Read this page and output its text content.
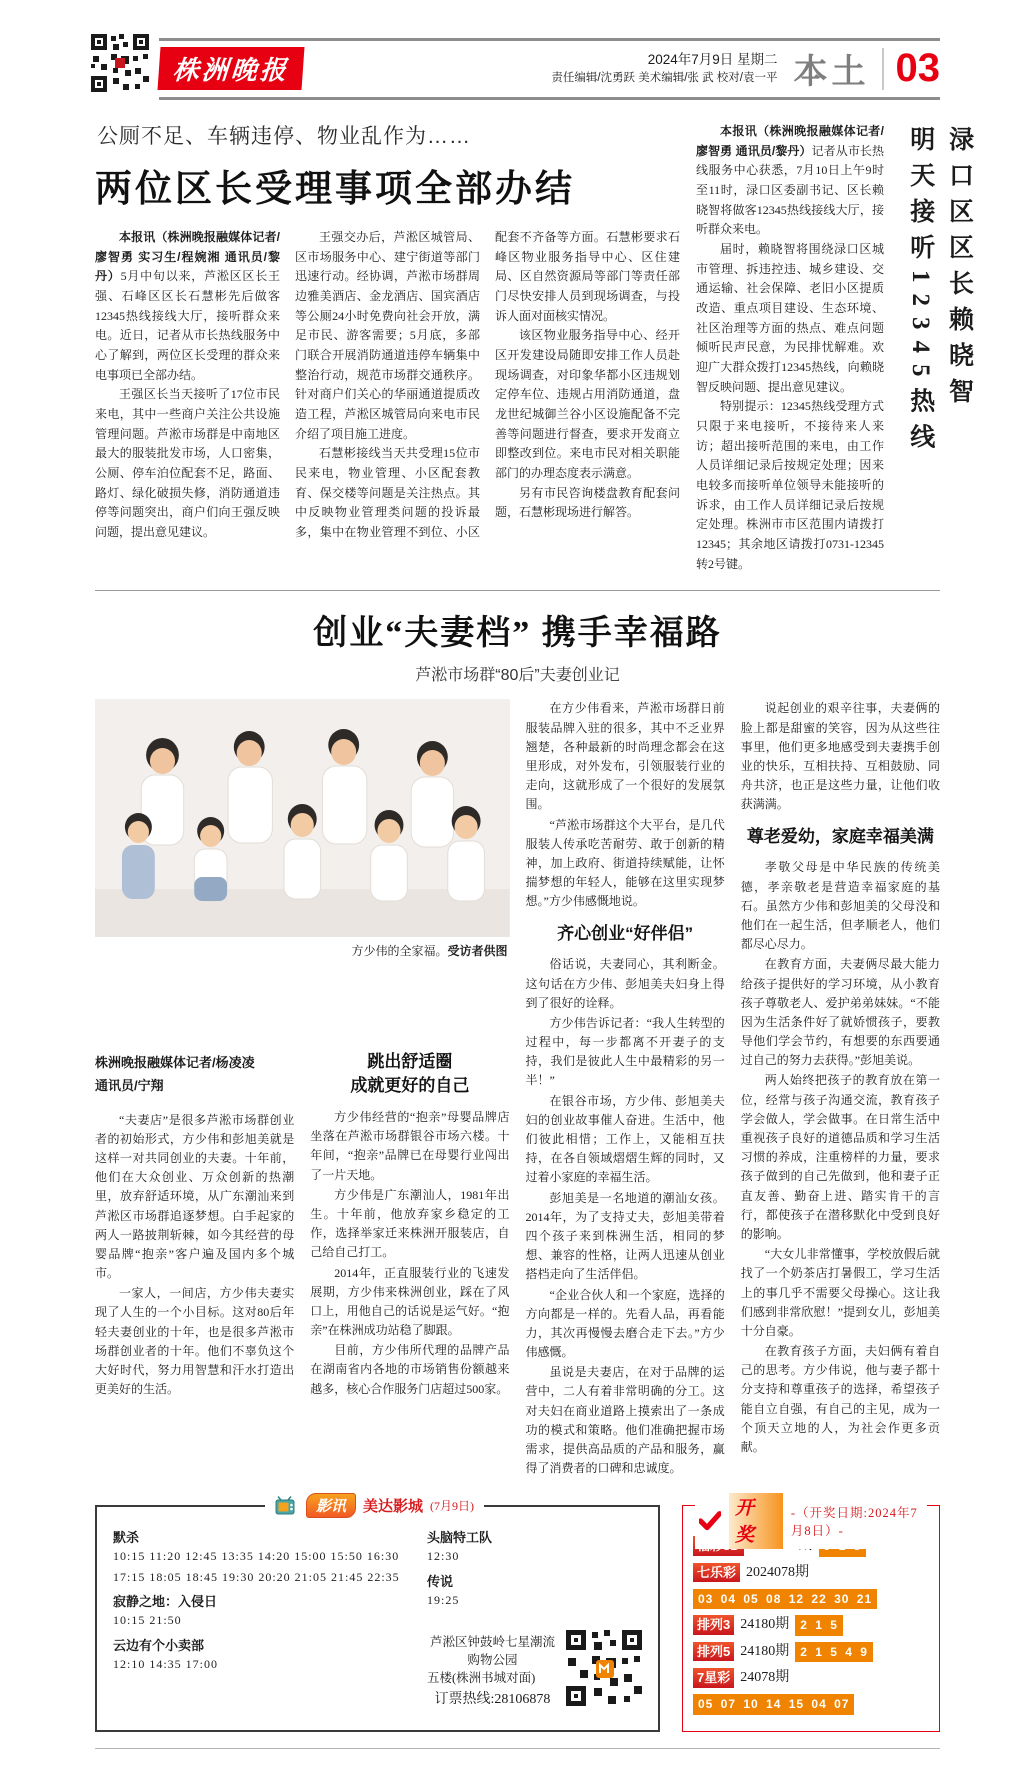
株洲晚报	2024年7月9日 星期二
责任编辑/沈勇跃 美术编辑/张 武 校对/袁一平 本土 03
公厕不足、车辆违停、物业乱作为……
两位区长受理事项全部办结

本报讯（株洲晚报融媒体记者/廖智勇 实习生/程婉湘 通讯员/黎丹）5月中旬以来，芦淞区区长王强、石峰区区长石慧彬先后做客12345热线接线大厅，接听群众来电。近日，记者从市长热线服务中心了解到，两位区长受理的群众来电事项已全部办结。

王强区长当天接听了17位市民来电，其中一些商户关注公共设施管理问题。芦淞市场群是中南地区最大的服装批发市场，人口密集，公厕、停车泊位配套不足，路面、路灯、绿化破损失修，消防通道违停等问题突出，商户们向王强反映问题，提出意见建议。

王强交办后，芦淞区城管局、区市场服务中心、建宁街道等部门迅速行动。经协调，芦淞市场群周边雅美酒店、金龙酒店、国宾酒店等公厕24小时免费向社会开放，满足市民、游客需要；5月底，多部门联合开展消防通道违停车辆集中整治行动，规范市场群交通秩序。针对商户们关心的华丽通道提质改造工程，芦淞区城管局向来电市民介绍了项目施工进度。

石慧彬接线当天共受理15位市民来电，物业管理、小区配套教育、保交楼等问题是关注热点。其中反映物业管理类问题的投诉最多，集中在物业管理不到位、小区配套不齐备等方面。石慧彬要求石峰区物业服务指导中心、区住建局、区自然资源局等部门等责任部门尽快安排人员到现场调查，与投诉人面对面核实情况。

该区物业服务指导中心、经开区开发建设局随即安排工作人员赴现场调查，对印象华都小区违规划定停车位、违规占用消防通道，盘龙世纪城御兰谷小区设施配备不完善等问题进行督查，要求开发商立即整改到位。来电市民对相关职能部门的办理态度表示满意。

另有市民咨询楼盘教育配套问题，石慧彬现场进行解答。

本报讯（株洲晚报融媒体记者/廖智勇 通讯员/黎丹）记者从市长热线服务中心获悉，7月10日上午9时至11时，渌口区委副书记、区长赖晓智将做客12345热线接线大厅，接听群众来电。

届时，赖晓智将围绕渌口区城市管理、拆违控违、城乡建设、交通运输、社会保障、老旧小区提质改造、重点项目建设、生态环境、社区治理等方面的热点、难点问题倾听民声民意，为民排忧解难。欢迎广大群众拨打12345热线，向赖晓智反映问题、提出意见建议。

特别提示：12345热线受理方式只限于来电接听，不接待来人来访；超出接听范围的来电，由工作人员详细记录后按规定处理；因来电较多而接听单位领导未能接听的诉求，由工作人员详细记录后按规定处理。株洲市市区范围内请拨打12345；其余地区请拨打0731-12345转2号键。

渌口区区长赖晓智
明天接听12345热线
创业“夫妻档” 携手幸福路
芦淞市场群“80后”夫妻创业记
方少伟的全家福。受访者供图
株洲晚报融媒体记者/杨凌凌
通讯员/宁翔

“夫妻店”是很多芦淞市场群创业者的初始形式，方少伟和彭旭美就是这样一对共同创业的夫妻。十年前，他们在大众创业、万众创新的热潮里，放弃舒适环境，从广东潮汕来到芦淞区市场群追逐梦想。白手起家的两人一路披荆斩棘，如今其经营的母婴品牌“抱亲”客户遍及国内多个城市。

一家人，一间店，方少伟夫妻实现了人生的一个小目标。这对80后年轻夫妻创业的十年，也是很多芦淞市场群创业者的十年。他们不辜负这个大好时代，努力用智慧和汗水打造出更美好的生活。

跳出舒适圈
成就更好的自己

方少伟经营的“抱亲”母婴品牌店坐落在芦淞市场群银谷市场六楼。十年间，“抱亲”品牌已在母婴行业闯出了一片天地。

方少伟是广东潮汕人，1981年出生。十年前，他放弃家乡稳定的工作，选择举家迁来株洲开服装店，自己给自己打工。

2014年，正直服装行业的飞速发展期，方少伟来株洲创业，踩在了风口上，用他自己的话说是运气好。“抱亲”在株洲成功站稳了脚跟。

目前，方少伟所代理的品牌产品在湖南省内各地的市场销售份额越来越多，核心合作服务门店超过500家。

在方少伟看来，芦淞市场群日前服装品牌入驻的很多，其中不乏业界翘楚，各种最新的时尚理念都会在这里形成，对外发布，引领服装行业的走向，这就形成了一个很好的发展氛围。

“芦淞市场群这个大平台，是几代服装人传承吃苦耐劳、敢于创新的精神，加上政府、街道持续赋能，让怀揣梦想的年轻人，能够在这里实现梦想。”方少伟感慨地说。

齐心创业“好伴侣”

俗话说，夫妻同心，其利断金。这句话在方少伟、彭旭美夫妇身上得到了很好的诠释。

方少伟告诉记者：“我人生转型的过程中，每一步都离不开妻子的支持，我们是彼此人生中最精彩的另一半！”

在银谷市场，方少伟、彭旭美夫妇的创业故事催人奋进。生活中，他们彼此相惜；工作上，又能相互扶持，在各自领域熠熠生辉的同时，又过着小家庭的幸福生活。

彭旭美是一名地道的潮汕女孩。2014年，为了支持丈夫，彭旭美带着四个孩子来到株洲生活，相同的梦想、兼容的性格，让两人迅速从创业搭档走向了生活伴侣。

“企业合伙人和一个家庭，选择的方向都是一样的。先看人品，再看能力，其次再慢慢去磨合走下去。”方少伟感慨。

虽说是夫妻店，在对于品牌的运营中，二人有着非常明确的分工。这对夫妇在商业道路上摸索出了一条成功的模式和策略。他们准确把握市场需求，提供高品质的产品和服务，赢得了消费者的口碑和忠诚度。

说起创业的艰辛往事，夫妻俩的脸上都是甜蜜的笑容，因为从这些往事里，他们更多地感受到夫妻携手创业的快乐，互相扶持、互相鼓励、同舟共济，也正是这些力量，让他们收获满满。

尊老爱幼，家庭幸福美满

孝敬父母是中华民族的传统美德，孝亲敬老是营造幸福家庭的基石。虽然方少伟和彭旭美的父母没和他们在一起生活，但孝顺老人，他们都尽心尽力。

在教育方面，夫妻俩尽最大能力给孩子提供好的学习环境，从小教育孩子尊敬老人、爱护弟弟妹妹。“不能因为生活条件好了就娇惯孩子，要教导他们学会节约，有想要的东西要通过自己的努力去获得。”彭旭美说。

两人始终把孩子的教育放在第一位，经常与孩子沟通交流，教育孩子学会做人，学会做事。在日常生活中重视孩子良好的道德品质和学习生活习惯的养成，注重榜样的力量，要求孩子做到的自己先做到，他和妻子正直友善、勤奋上进、踏实肯干的言行，都使孩子在潜移默化中受到良好的影响。

“大女儿非常懂事，学校放假后就找了一个奶茶店打暑假工，学习生活上的事几乎不需要父母操心。这让我们感到非常欣慰！”提到女儿，彭旭美十分自豪。

在教育孩子方面，夫妇俩有着自己的思考。方少伟说，他与妻子都十分支持和尊重孩子的选择，希望孩子能自立自强，有自己的主见，成为一个顶天立地的人，为社会作更多贡献。

影讯	美达影城 (7月9日)
默杀
10:15 11:20 12:45 13:35 14:20 15:00 15:50 16:30 17:15 18:05 18:45 19:30 20:20 21:05 21:45 22:35
寂静之地：入侵日
10:15 21:50
云边有个小卖部
12:10 14:35 17:00
头脑特工队
12:30
传说
19:25
芦淞区钟鼓岭七星潮流购物公园
五楼(株洲书城对面)
订票热线:28106878
开奖
-（开奖日期:2024年7月8日）-
七乐彩 2024078期
03 04 05 08 12 22 30 21
排列3 24180期 2 1 5
排列5 24180期 2 1 5 4 9
7星彩 24078期
05 07 10 14 15 04 07
